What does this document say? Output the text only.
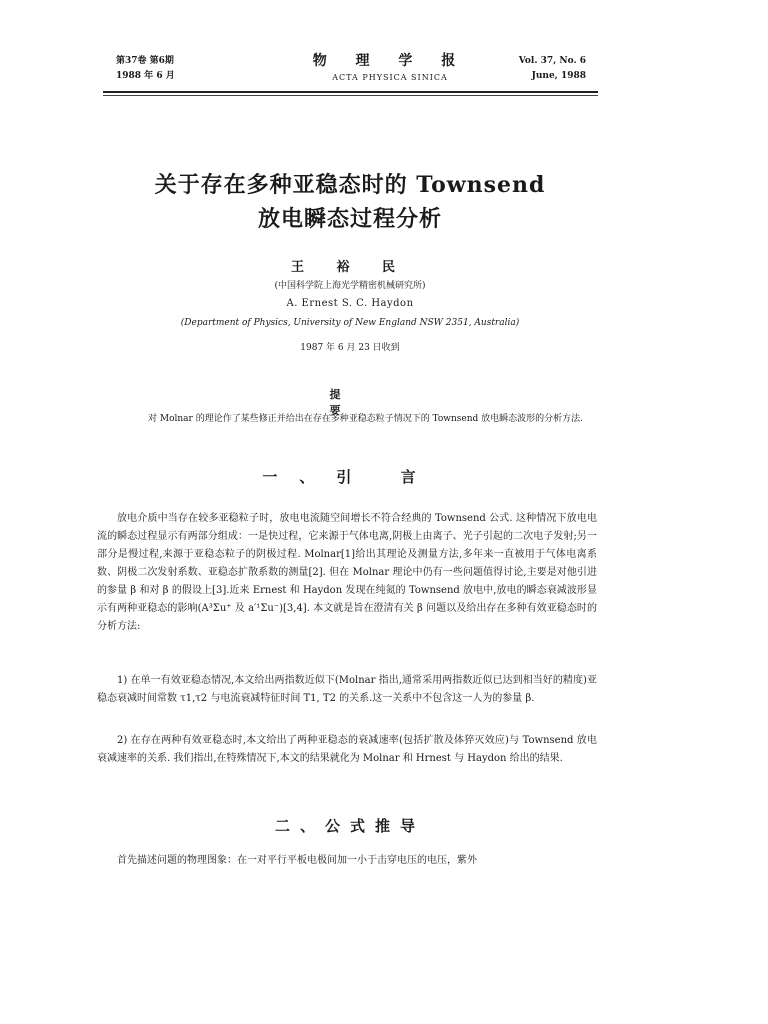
第37卷 第6期
1988 年 6 月
物 理 学 报
ACTA PHYSICA SINICA
Vol. 37, No. 6
June, 1988
关于存在多种亚稳态时的 Townsend
放电瞬态过程分析
王 裕 民
(中国科学院上海光学精密机械研究所)
A. Ernest S. C. Haydon
(Department of Physics, University of New England NSW 2351, Australia)
1987 年 6 月 23 日收到
提 要
对 Molnar 的理论作了某些修正并给出在存在多种亚稳态粒子情况下的 Townsend 放电瞬态波形的分析方法.
一、引 言
放电介质中当存在较多亚稳粒子时，放电电流随空间增长不符合经典的 Townsend 公式. 这种情况下放电电流的瞬态过程显示有两部分组成：一是快过程，它来源于气体电离,阴极上由离子、光子引起的二次电子发射;另一部分是慢过程,来源于亚稳态粒子的阴极过程. Molnar[1]给出其理论及测量方法,多年来一直被用于气体电离系数、阴极二次发射系数、亚稳态扩散系数的测量[2]. 但在 Molnar 理论中仍有一些问题值得讨论,主要是对他引进的参量 β 和对 β 的假设上[3].近来 Ernest 和 Haydon 发现在纯氮的 Townsend 放电中,放电的瞬态衰减波形显示有两种亚稳态的影响(A³Σu⁺ 及 a′¹Σu⁻)[3,4]. 本文就是旨在澄清有关 β 问题以及给出存在多种有效亚稳态时的分析方法:
1) 在单一有效亚稳态情况,本文给出两指数近似下(Molnar 指出,通常采用两指数近似已达到相当好的精度)亚稳态衰减时间常数 τ1,τ2 与电流衰减特征时间 T1, T2 的关系.这一关系中不包含这一人为的参量 β.
2) 在存在两种有效亚稳态时,本文给出了两种亚稳态的衰减速率(包括扩散及体猝灭效应)与 Townsend 放电衰减速率的关系. 我们指出,在特殊情况下,本文的结果就化为 Molnar 和 Hrnest 与 Haydon 给出的结果.
二、公式推导
首先描述问题的物理图象：在一对平行平板电极间加一小于击穿电压的电压，紫外
